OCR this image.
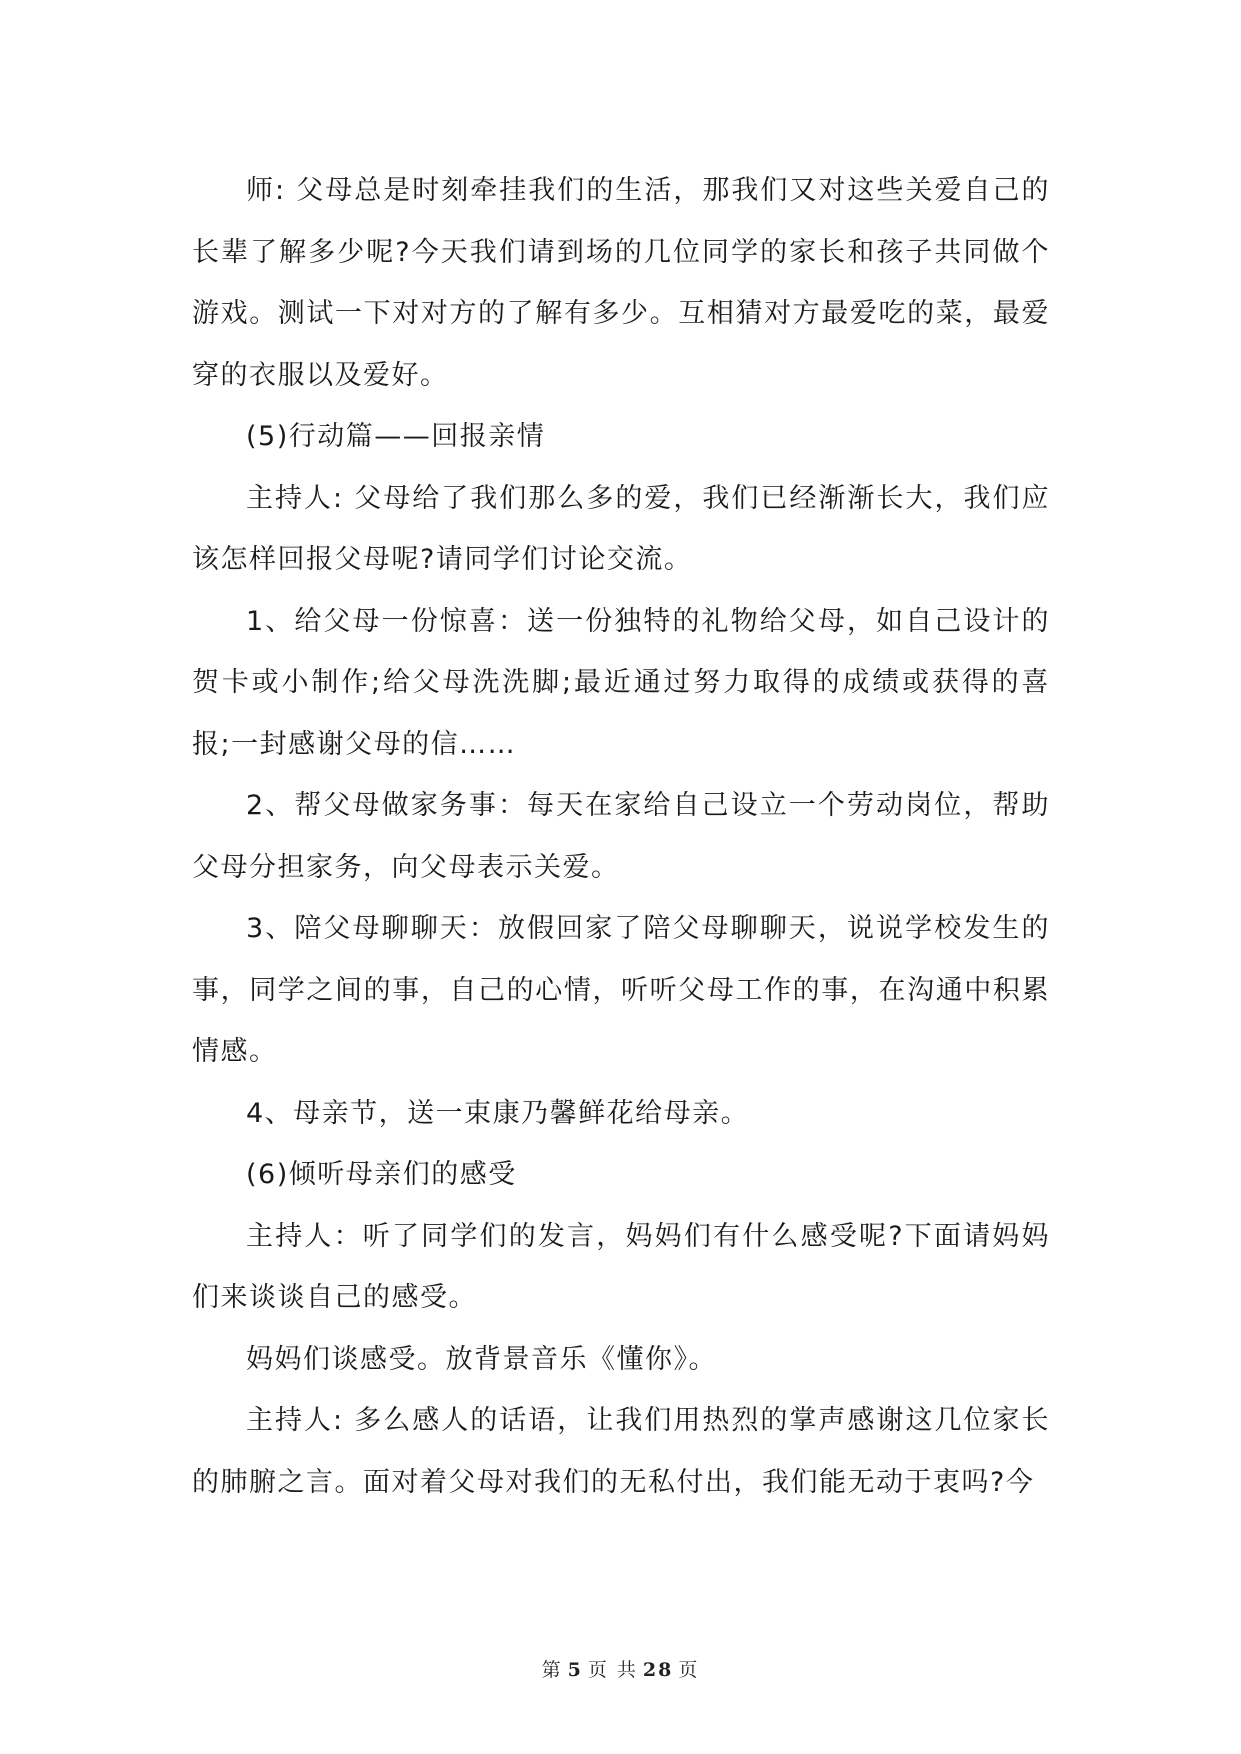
师: 父母总是时刻牵挂我们的生活，那我们又对这些关爱自己的长辈了解多少呢?今天我们请到场的几位同学的家长和孩子共同做个游戏。测试一下对对方的了解有多少。互相猜对方最爱吃的菜，最爱穿的衣服以及爱好。

(5)行动篇——回报亲情

主持人: 父母给了我们那么多的爱，我们已经渐渐长大，我们应该怎样回报父母呢?请同学们讨论交流。

1、给父母一份惊喜：送一份独特的礼物给父母，如自己设计的贺卡或小制作;给父母洗洗脚;最近通过努力取得的成绩或获得的喜报;一封感谢父母的信……

2、帮父母做家务事：每天在家给自己设立一个劳动岗位，帮助父母分担家务，向父母表示关爱。

3、陪父母聊聊天：放假回家了陪父母聊聊天，说说学校发生的事，同学之间的事，自己的心情，听听父母工作的事，在沟通中积累情感。

4、母亲节，送一束康乃馨鲜花给母亲。

(6)倾听母亲们的感受

主持人：听了同学们的发言，妈妈们有什么感受呢?下面请妈妈们来谈谈自己的感受。

妈妈们谈感受。放背景音乐《懂你》。

主持人: 多么感人的话语，让我们用热烈的掌声感谢这几位家长的肺腑之言。面对着父母对我们的无私付出，我们能无动于衷吗?今

第 5 页 共 28 页
